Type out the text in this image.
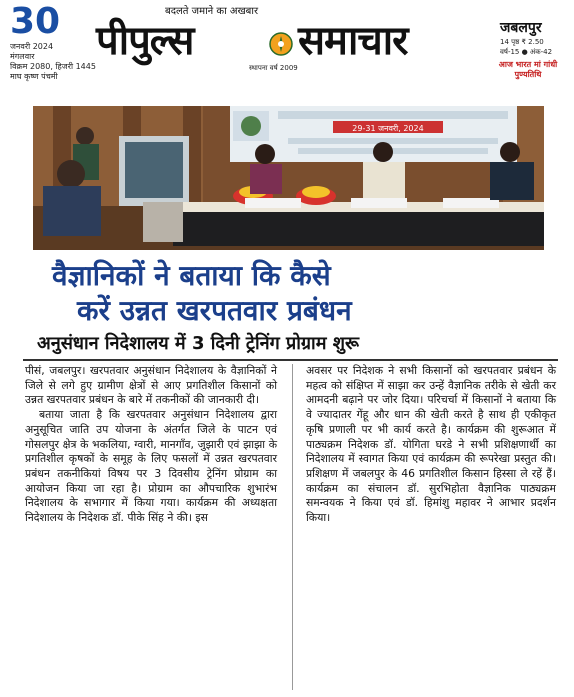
30
जनवरी 2024
मंगलवार
विक्रम 2080, हिजरी 1445
माघ कृष्ण पंचमी
बदलते जमाने का अखबार
पीपुल्स	समाचार
स्थापना वर्ष 2009
जबलपुर
14 पृष्ठ ₹ 2.50
वर्ष-15 ● अंक-42
आज भारत मां गांधी पुण्यतिथि
29-31 जनवरी, 2024
वैज्ञानिकों ने बताया कि कैसे
करें उन्नत खरपतवार प्रबंधन
अनुसंधान निदेशालय में 3 दिनी ट्रेनिंग प्रोग्राम शुरू

पीसं, जबलपुर। खरपतवार अनुसंधान निदेशालय के वैज्ञानिकों ने जिले से लगे हुए ग्रामीण क्षेत्रों से आए प्रगतिशील किसानों को उन्नत खरपतवार प्रबंधन के बारे में तकनीकों की जानकारी दी।

बताया जाता है कि खरपतवार अनुसंधान निदेशालय द्वारा अनुसूचित जाति उप योजना के अंतर्गत जिले के पाटन एवं गोसलपुर क्षेत्र के भकलिया, ग्वारी, मानगाँव, जुझारी एवं झाझा के प्रगतिशील कृषकों के समूह के लिए फसलों में उन्नत खरपतवार प्रबंधन तकनीकियां विषय पर 3 दिवसीय ट्रेनिंग प्रोग्राम का आयोजन किया जा रहा है। प्रोग्राम का औपचारिक शुभारंभ निदेशालय के सभागार में किया गया। कार्यक्रम की अध्यक्षता निदेशालय के निदेशक डॉ. पीके सिंह ने की। इस

अवसर पर निदेशक ने सभी किसानों को खरपतवार प्रबंधन के महत्व को संक्षिप्त में साझा कर उन्हें वैज्ञानिक तरीके से खेती कर आमदनी बढ़ाने पर जोर दिया। परिचर्चा में किसानों ने बताया कि वे ज्यादातर गेंहू और धान की खेती करते है साथ ही एकीकृत कृषि प्रणाली पर भी कार्य करते है। कार्यक्रम की शुरूआत में पाठ्यक्रम निदेशक डॉ. योगिता घरडे ने सभी प्रशिक्षणार्थी का निदेशालय में स्वागत किया एवं कार्यक्रम की रूपरेखा प्रस्तुत की। प्रशिक्षण में जबलपुर के 46 प्रगतिशील किसान हिस्सा ले रहें हैं। कार्यक्रम का संचालन डॉ. सुरभिहोता वैज्ञानिक पाठ्यक्रम समन्वयक ने किया एवं डॉ. हिमांशु महावर ने आभार प्रदर्शन किया।
